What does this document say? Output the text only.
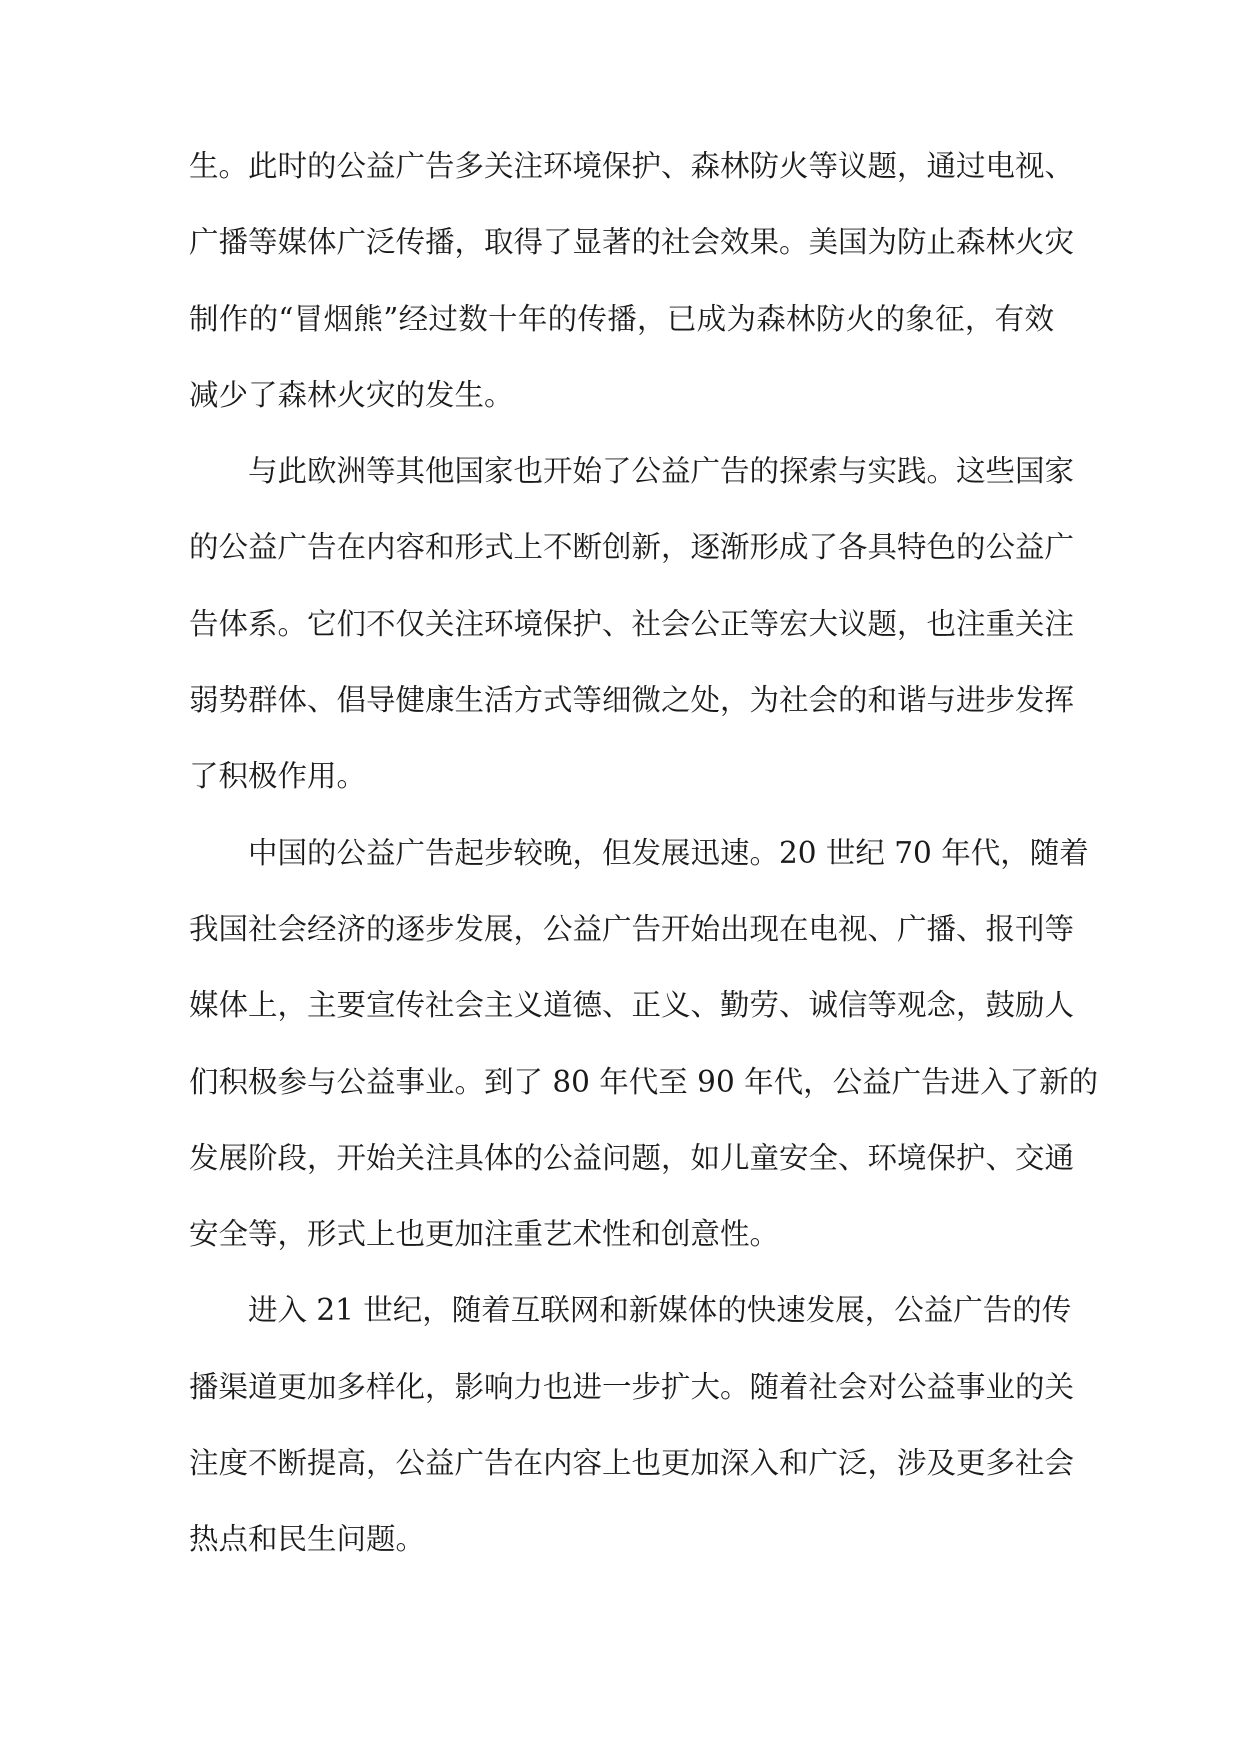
生。此时的公益广告多关注环境保护、森林防火等议题，通过电视、
广播等媒体广泛传播，取得了显著的社会效果。美国为防止森林火灾
制作的“冒烟熊”经过数十年的传播，已成为森林防火的象征，有效
减少了森林火灾的发生。
与此欧洲等其他国家也开始了公益广告的探索与实践。这些国家
的公益广告在内容和形式上不断创新，逐渐形成了各具特色的公益广
告体系。它们不仅关注环境保护、社会公正等宏大议题，也注重关注
弱势群体、倡导健康生活方式等细微之处，为社会的和谐与进步发挥
了积极作用。
中国的公益广告起步较晚，但发展迅速。20 世纪 70 年代，随着
我国社会经济的逐步发展，公益广告开始出现在电视、广播、报刊等
媒体上，主要宣传社会主义道德、正义、勤劳、诚信等观念，鼓励人
们积极参与公益事业。到了 80 年代至 90 年代，公益广告进入了新的
发展阶段，开始关注具体的公益问题，如儿童安全、环境保护、交通
安全等，形式上也更加注重艺术性和创意性。
进入 21 世纪，随着互联网和新媒体的快速发展，公益广告的传
播渠道更加多样化，影响力也进一步扩大。随着社会对公益事业的关
注度不断提高，公益广告在内容上也更加深入和广泛，涉及更多社会
热点和民生问题。
